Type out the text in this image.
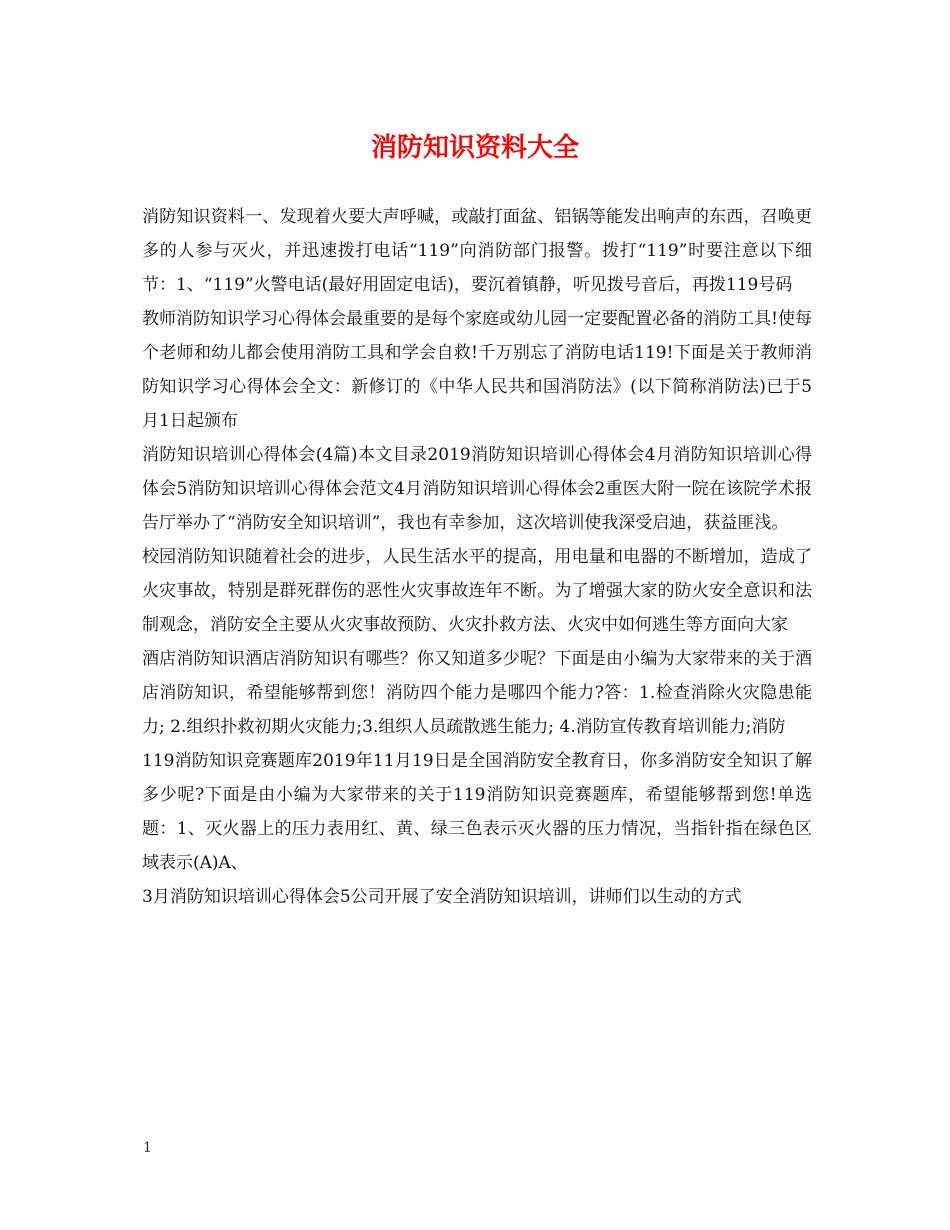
消防知识资料大全

消防知识资料一、发现着火要大声呼喊，或敲打面盆、铝锅等能发出响声的东西，召唤更多的人参与灭火，并迅速拨打电话“119”向消防部门报警。拨打“119”时要注意以下细节：1、“119”火警电话(最好用固定电话)，要沉着镇静，听见拨号音后，再拨119号码

教师消防知识学习心得体会最重要的是每个家庭或幼儿园一定要配置必备的消防工具!使每个老师和幼儿都会使用消防工具和学会自救!千万别忘了消防电话119!下面是关于教师消防知识学习心得体会全文：新修订的《中华人民共和国消防法》(以下简称消防法)已于5月1日起颁布

消防知识培训心得体会(4篇)本文目录2019消防知识培训心得体会4月消防知识培训心得体会5消防知识培训心得体会范文4月消防知识培训心得体会2重医大附一院在该院学术报告厅举办了“消防安全知识培训”，我也有幸参加，这次培训使我深受启迪，获益匪浅。

校园消防知识随着社会的进步，人民生活水平的提高，用电量和电器的不断增加，造成了火灾事故，特别是群死群伤的恶性火灾事故连年不断。为了增强大家的防火安全意识和法制观念，消防安全主要从火灾事故预防、火灾扑救方法、火灾中如何逃生等方面向大家

酒店消防知识酒店消防知识有哪些？你又知道多少呢？下面是由小编为大家带来的关于酒店消防知识，希望能够帮到您！消防四个能力是哪四个能力?答：1.检查消除火灾隐患能力; 2.组织扑救初期火灾能力;3.组织人员疏散逃生能力; 4.消防宣传教育培训能力;消防

119消防知识竞赛题库2019年11月19日是全国消防安全教育日，你多消防安全知识了解多少呢?下面是由小编为大家带来的关于119消防知识竞赛题库，希望能够帮到您!单选题：1、灭火器上的压力表用红、黄、绿三色表示灭火器的压力情况，当指针指在绿色区域表示(A)A、

3月消防知识培训心得体会5公司开展了安全消防知识培训，讲师们以生动的方式

1
